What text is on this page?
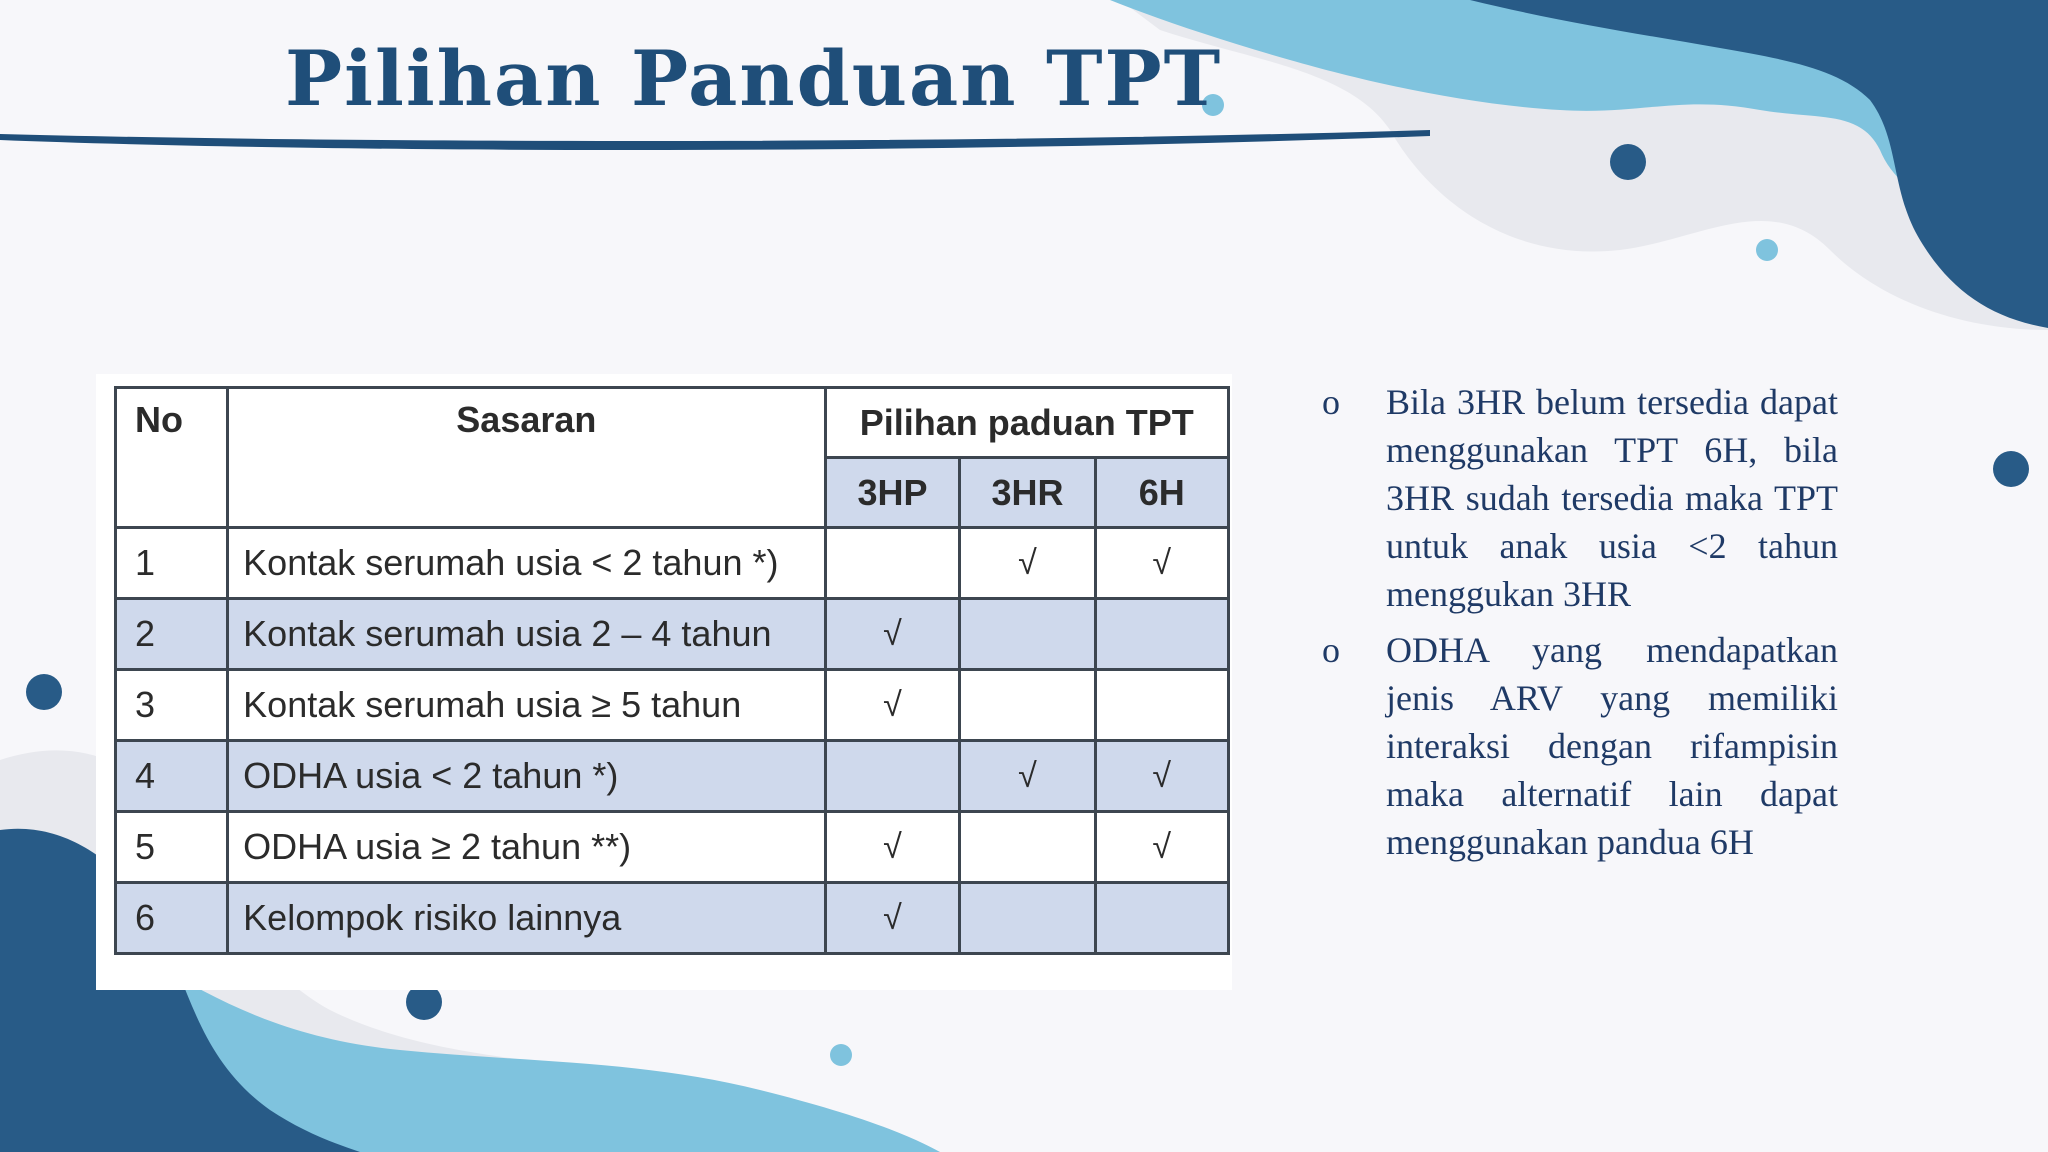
Pilihan Panduan TPT
No	Sasaran	Pilihan paduan TPT		
		3HP	3HR	6H
1	Kontak serumah usia < 2 tahun *)		√	√
2	Kontak serumah usia 2 – 4 tahun	√		
3	Kontak serumah usia ≥ 5 tahun	√		
4	ODHA usia < 2 tahun *)		√	√
5	ODHA usia ≥ 2 tahun **)	√		√
6	Kelompok risiko lainnya	√		
o Bila 3HR belum tersedia dapat menggunakan TPT 6H, bila 3HR sudah tersedia maka TPT untuk anak usia <2 tahun menggukan 3HR
o ODHA yang mendapatkan jenis ARV yang memiliki interaksi dengan rifampisin maka alternatif lain dapat menggunakan pandua 6H
